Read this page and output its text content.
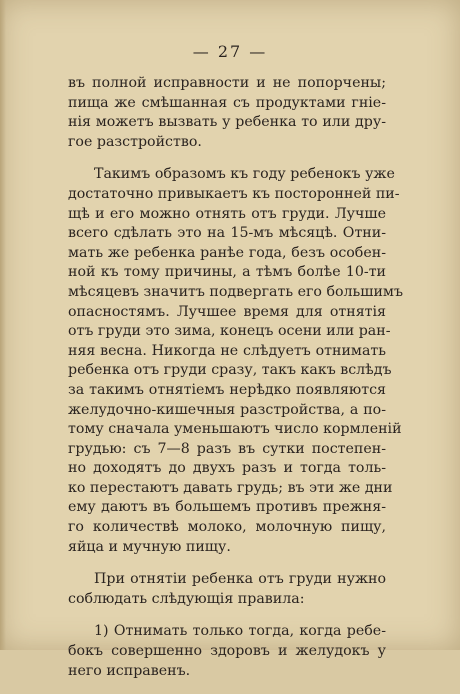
— 27 —

въ полной исправности и не попорчены;
пища же смѣшанная съ продуктами гніе-
нія можетъ вызвать у ребенка то или дру-
гое разстройство.

Такимъ образомъ къ году ребенокъ уже
достаточно привыкаетъ къ посторонней пи-
щѣ и его можно отнять отъ груди. Лучше
всего сдѣлать это на 15-мъ мѣсяцѣ. Отни-
мать же ребенка ранѣе года, безъ особен-
ной къ тому причины, а тѣмъ болѣе 10-ти
мѣсяцевъ значитъ подвергать его большимъ
опасностямъ. Лучшее время для отнятія
отъ груди это зима, конецъ осени или ран-
няя весна. Никогда не слѣдуетъ отнимать
ребенка отъ груди сразу, такъ какъ вслѣдъ
за такимъ отнятіемъ нерѣдко появляются
желудочно-кишечныя разстройства, а по-
тому сначала уменьшаютъ число кормленій
грудью: съ 7—8 разъ въ сутки постепен-
но доходятъ до двухъ разъ и тогда толь-
ко перестаютъ давать грудь; въ эти же дни
ему даютъ въ большемъ противъ прежня-
го количествѣ молоко, молочную пищу,
яйца и мучную пищу.

При отнятіи ребенка отъ груди нужно
соблюдать слѣдующія правила:

1) Отнимать только тогда, когда ребе-
бокъ совершенно здоровъ и желудокъ у
него исправенъ.
